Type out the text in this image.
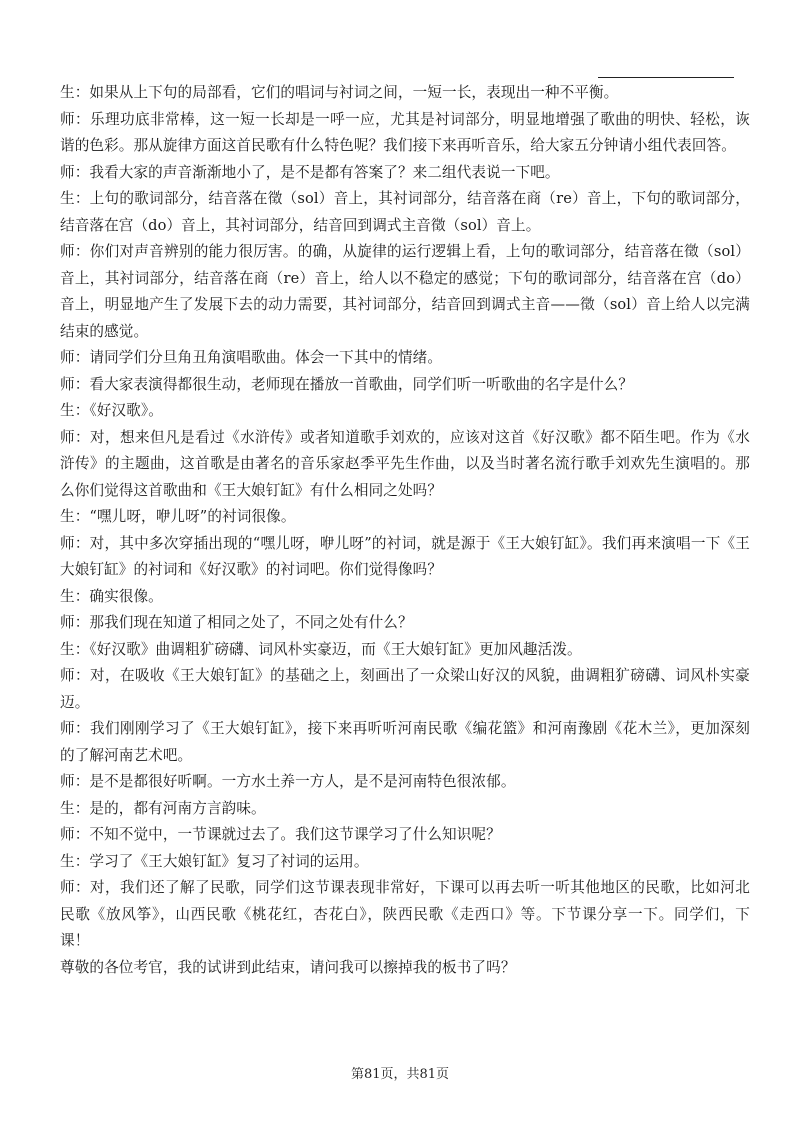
生：如果从上下句的局部看，它们的唱词与衬词之间，一短一长，表现出一种不平衡。

师：乐理功底非常棒，这一短一长却是一呼一应，尤其是衬词部分，明显地增强了歌曲的明快、轻松，诙谐的色彩。那从旋律方面这首民歌有什么特色呢？我们接下来再听音乐，给大家五分钟请小组代表回答。

师：我看大家的声音渐渐地小了，是不是都有答案了？来二组代表说一下吧。

生：上句的歌词部分，结音落在徵（sol）音上，其衬词部分，结音落在商（re）音上，下句的歌词部分，结音落在宫（do）音上，其衬词部分，结音回到调式主音徵（sol）音上。

师：你们对声音辨别的能力很厉害。的确，从旋律的运行逻辑上看，上句的歌词部分，结音落在徵（sol）音上，其衬词部分，结音落在商（re）音上，给人以不稳定的感觉；下句的歌词部分，结音落在宫（do）音上，明显地产生了发展下去的动力需要，其衬词部分，结音回到调式主音——徵（sol）音上给人以完满结束的感觉。

师：请同学们分旦角丑角演唱歌曲。体会一下其中的情绪。

师：看大家表演得都很生动，老师现在播放一首歌曲，同学们听一听歌曲的名字是什么？

生：《好汉歌》。

师：对，想来但凡是看过《水浒传》或者知道歌手刘欢的，应该对这首《好汉歌》都不陌生吧。作为《水浒传》的主题曲，这首歌是由著名的音乐家赵季平先生作曲，以及当时著名流行歌手刘欢先生演唱的。那么你们觉得这首歌曲和《王大娘钉缸》有什么相同之处吗？

生：“嘿儿呀，咿儿呀”的衬词很像。

师：对，其中多次穿插出现的“嘿儿呀，咿儿呀”的衬词，就是源于《王大娘钉缸》。我们再来演唱一下《王大娘钉缸》的衬词和《好汉歌》的衬词吧。你们觉得像吗？

生：确实很像。

师：那我们现在知道了相同之处了，不同之处有什么？

生：《好汉歌》曲调粗犷磅礴、词风朴实豪迈，而《王大娘钉缸》更加风趣活泼。

师：对，在吸收《王大娘钉缸》的基础之上，刻画出了一众梁山好汉的风貌，曲调粗犷磅礴、词风朴实豪迈。

师：我们刚刚学习了《王大娘钉缸》，接下来再听听河南民歌《编花篮》和河南豫剧《花木兰》，更加深刻的了解河南艺术吧。

师：是不是都很好听啊。一方水土养一方人，是不是河南特色很浓郁。

生：是的，都有河南方言韵味。

师：不知不觉中，一节课就过去了。我们这节课学习了什么知识呢？

生：学习了《王大娘钉缸》复习了衬词的运用。

师：对，我们还了解了民歌，同学们这节课表现非常好，下课可以再去听一听其他地区的民歌，比如河北民歌《放风筝》，山西民歌《桃花红，杏花白》，陕西民歌《走西口》等。下节课分享一下。同学们，下课！

尊敬的各位考官，我的试讲到此结束，请问我可以擦掉我的板书了吗？

第81页，共81页
